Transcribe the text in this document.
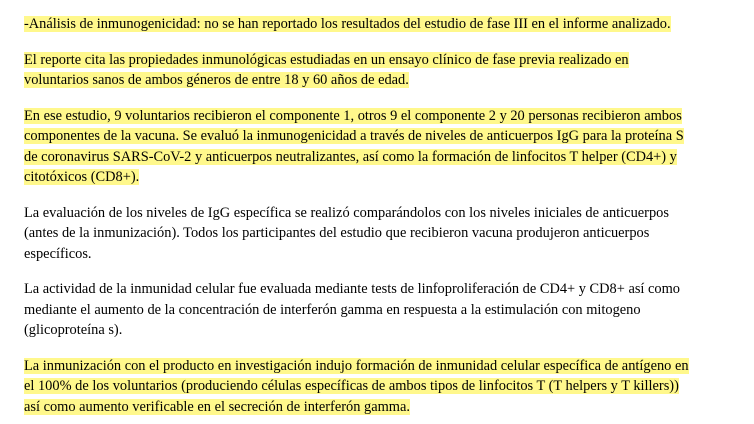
-Análisis de inmunogenicidad: no se han reportado los resultados del estudio de fase III en el informe analizado.
El reporte cita las propiedades inmunológicas estudiadas en un ensayo clínico de fase previa realizado en
voluntarios sanos de ambos géneros de entre 18 y 60 años de edad.
En ese estudio, 9 voluntarios recibieron el componente 1, otros 9 el componente 2 y 20 personas recibieron ambos
componentes de la vacuna. Se evaluó la inmunogenicidad a través de niveles de anticuerpos IgG para la proteína S
de coronavirus SARS-CoV-2 y anticuerpos neutralizantes, así como la formación de linfocitos T helper (CD4+) y
citotóxicos (CD8+).
La evaluación de los niveles de IgG específica se realizó comparándolos con los niveles iniciales de anticuerpos
(antes de la inmunización). Todos los participantes del estudio que recibieron vacuna produjeron anticuerpos
específicos.
La actividad de la inmunidad celular fue evaluada mediante tests de linfoproliferación de CD4+ y CD8+ así como
mediante el aumento de la concentración de interferón gamma en respuesta a la estimulación con mitogeno
(glicoproteína s).
La inmunización con el producto en investigación indujo formación de inmunidad celular específica de antígeno en
el 100% de los voluntarios (produciendo células específicas de ambos tipos de linfocitos T (T helpers y T killers))
así como aumento verificable en el secreción de interferón gamma.
